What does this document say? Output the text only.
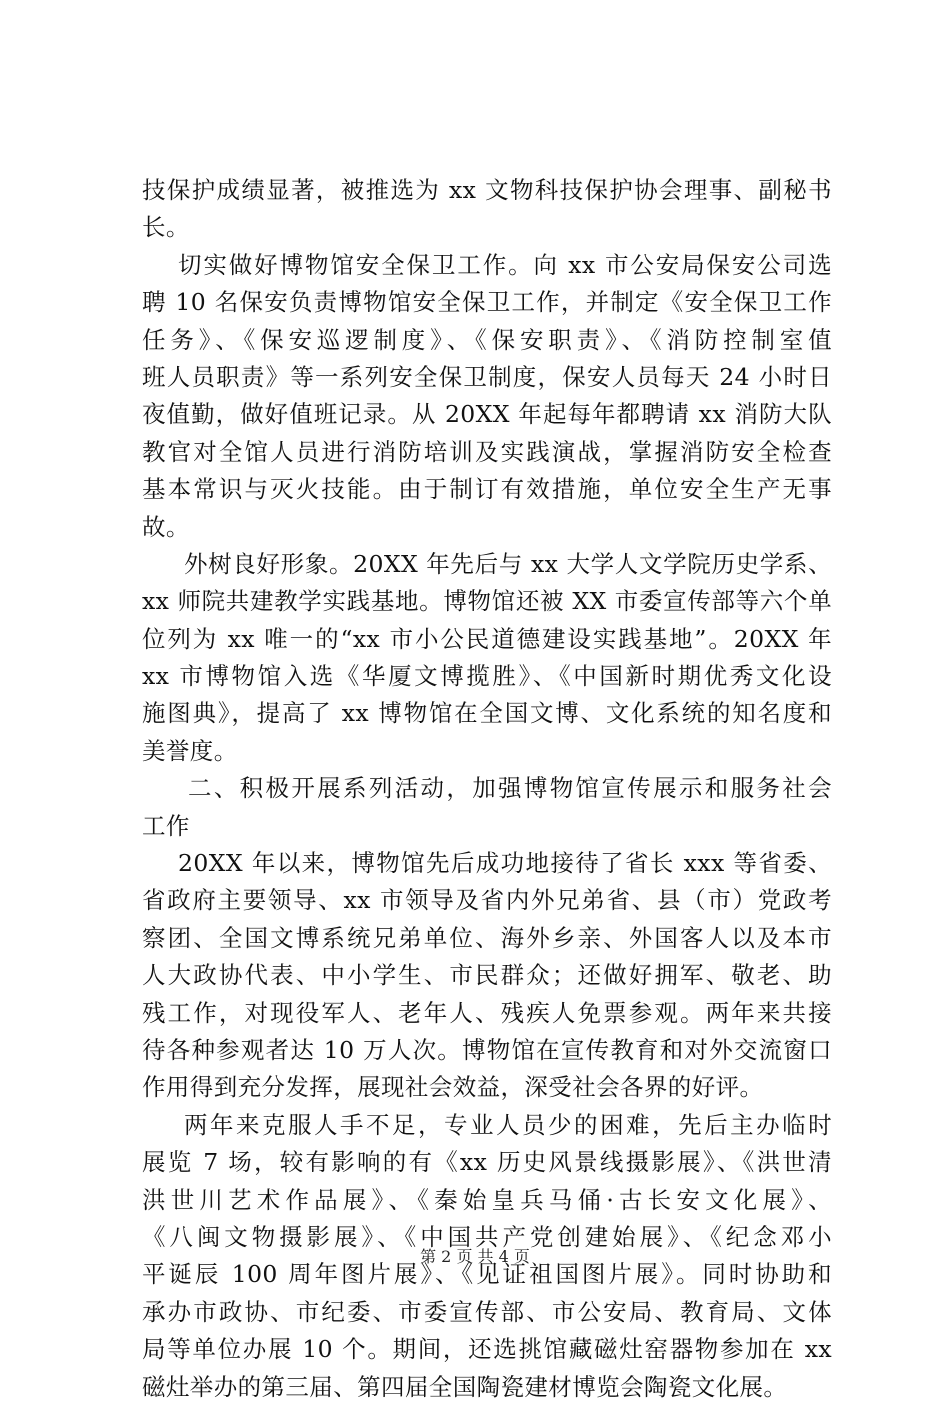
技保护成绩显著，被推选为 xx 文物科技保护协会理事、副秘书
长。
切实做好博物馆安全保卫工作。向 xx 市公安局保安公司选
聘 10 名保安负责博物馆安全保卫工作，并制定《安全保卫工作
任务》、《保安巡逻制度》、《保安职责》、《消防控制室值
班人员职责》等一系列安全保卫制度，保安人员每天 24 小时日
夜值勤，做好值班记录。从 20XX 年起每年都聘请 xx 消防大队
教官对全馆人员进行消防培训及实践演战，掌握消防安全检查
基本常识与灭火技能。由于制订有效措施，单位安全生产无事
故。
外树良好形象。20XX 年先后与 xx 大学人文学院历史学系、
xx 师院共建教学实践基地。博物馆还被 XX 市委宣传部等六个单
位列为 xx 唯一的“xx 市小公民道德建设实践基地”。20XX 年
xx 市博物馆入选《华厦文博揽胜》、《中国新时期优秀文化设
施图典》，提高了 xx 博物馆在全国文博、文化系统的知名度和
美誉度。
二、积极开展系列活动，加强博物馆宣传展示和服务社会
工作
20XX 年以来，博物馆先后成功地接待了省长 xxx 等省委、
省政府主要领导、xx 市领导及省内外兄弟省、县（市）党政考
察团、全国文博系统兄弟单位、海外乡亲、外国客人以及本市
人大政协代表、中小学生、市民群众；还做好拥军、敬老、助
残工作，对现役军人、老年人、残疾人免票参观。两年来共接
待各种参观者达 10 万人次。博物馆在宣传教育和对外交流窗口
作用得到充分发挥，展现社会效益，深受社会各界的好评。
两年来克服人手不足，专业人员少的困难，先后主办临时
展览 7 场，较有影响的有《xx 历史风景线摄影展》、《洪世清
洪世川艺术作品展》、《秦始皇兵马俑·古长安文化展》、
《八闽文物摄影展》、《中国共产党创建始展》、《纪念邓小
平诞辰 100 周年图片展》、《见证祖国图片展》。同时协助和
承办市政协、市纪委、市委宣传部、市公安局、教育局、文体
局等单位办展 10 个。期间，还选挑馆藏磁灶窑器物参加在 xx
磁灶举办的第三届、第四届全国陶瓷建材博览会陶瓷文化展。
第 2 页 共 4 页
